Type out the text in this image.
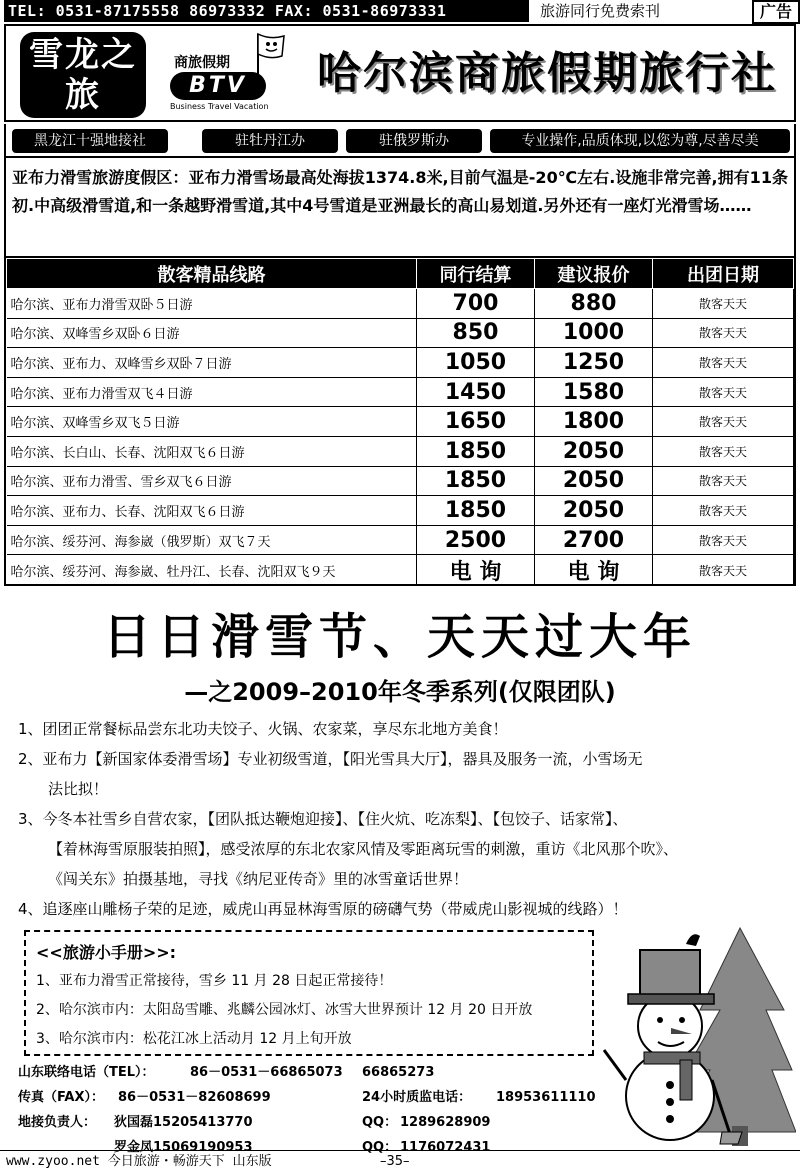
TEL: 0531-87175558 86973332 FAX: 0531-86973331	旅游同行免费索刊	广告
雪龙之旅
商旅假期
BTV
Business Travel Vacation
哈尔滨商旅假期旅行社
黑龙江十强地接社	驻牡丹江办	驻俄罗斯办	专业操作,品质体现,以您为尊,尽善尽美
亚布力滑雪旅游度假区：亚布力滑雪场最高处海拔1374.8米,目前气温是-20℃左右.设施非常完善,拥有11条初.中高级滑雪道,和一条越野滑雪道,其中4号雪道是亚洲最长的高山易划道.另外还有一座灯光滑雪场……
散客精品线路	同行结算	建议报价	出团日期
哈尔滨、亚布力滑雪双卧５日游	700	880	散客天天
哈尔滨、双峰雪乡双卧６日游	850	1000	散客天天
哈尔滨、亚布力、双峰雪乡双卧７日游	1050	1250	散客天天
哈尔滨、亚布力滑雪双飞４日游	1450	1580	散客天天
哈尔滨、双峰雪乡双飞５日游	1650	1800	散客天天
哈尔滨、长白山、长春、沈阳双飞６日游	1850	2050	散客天天
哈尔滨、亚布力滑雪、雪乡双飞６日游	1850	2050	散客天天
哈尔滨、亚布力、长春、沈阳双飞６日游	1850	2050	散客天天
哈尔滨、绥芬河、海参崴（俄罗斯）双飞７天	2500	2700	散客天天
哈尔滨、绥芬河、海参崴、牡丹江、长春、沈阳双飞９天	电 询	电 询	散客天天
日日滑雪节、天天过大年
—之2009–2010年冬季系列(仅限团队)

1、团团正常餐标品尝东北功夫饺子、火锅、农家菜，享尽东北地方美食！

2、亚布力【新国家体委滑雪场】专业初级雪道，【阳光雪具大厅】，器具及服务一流，小雪场无

法比拟！

3、今冬本社雪乡自营农家，【团队抵达鞭炮迎接】、【住火炕、吃冻梨】、【包饺子、话家常】、

【着林海雪原服装拍照】，感受浓厚的东北农家风情及零距离玩雪的刺激，重访《北风那个吹》、

《闯关东》拍摄基地，寻找《纳尼亚传奇》里的冰雪童话世界！

4、追逐座山雕杨子荣的足迹，威虎山再显林海雪原的磅礴气势（带威虎山影视城的线路）！

<<旅游小手册>>:
1、亚布力滑雪正常接待，雪乡 11 月 28 日起正常接待！
2、哈尔滨市内：太阳岛雪雕、兆麟公园冰灯、冰雪大世界预计 12 月 20 日开放
3、哈尔滨市内：松花江冰上活动月 12 月上旬开放
山东联络电话（TEL）：	86－0531－66865073 66865273
传真（FAX）： 86－0531－82608699	24小时质监电话： 18953611110
地接负责人： 狄国磊15205413770	QQ： 1289628909
罗金凤15069190953	QQ： 1176072431
www.zyoo.net 今日旅游・畅游天下 山东版	–35–
